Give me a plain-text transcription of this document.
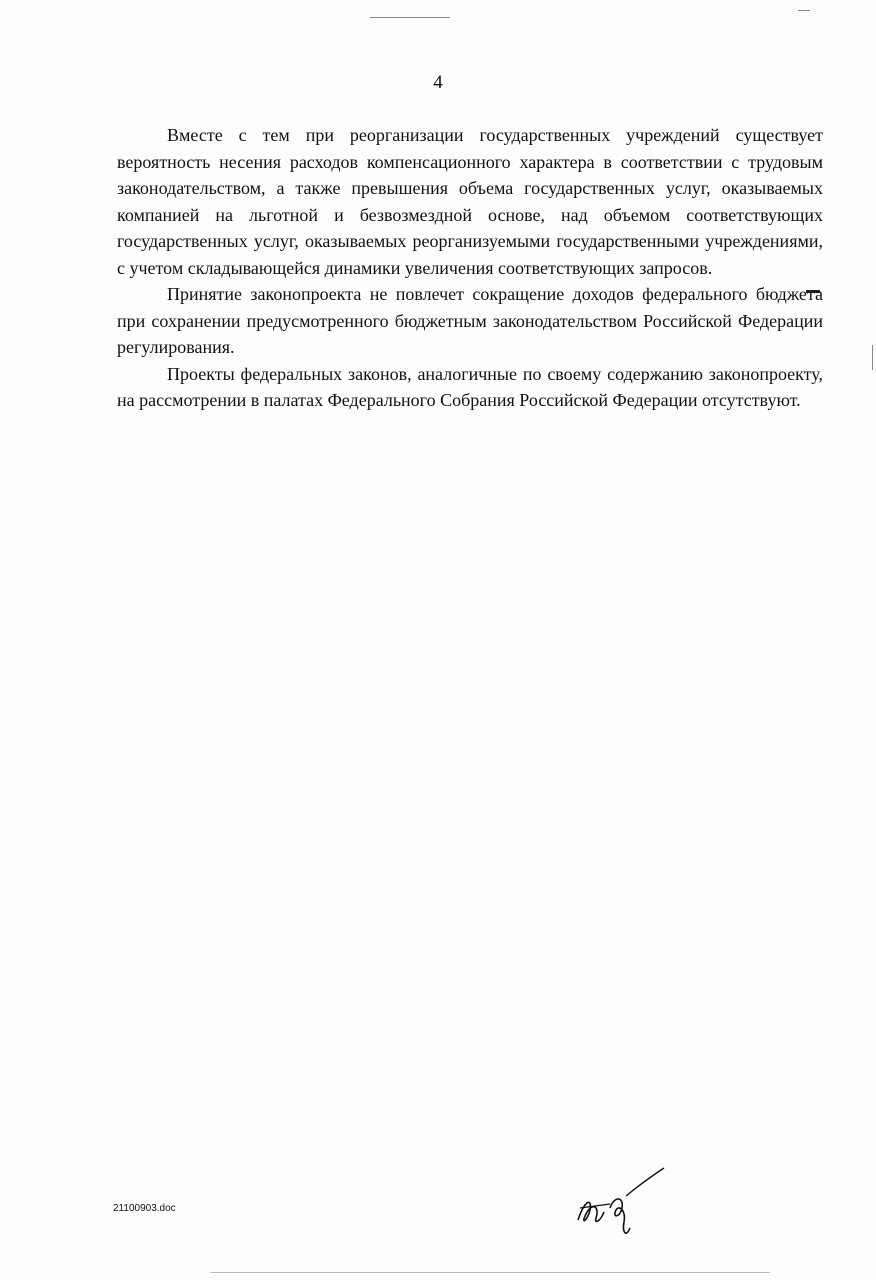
4

Вместе с тем при реорганизации государственных учреждений существует вероятность несения расходов компенсационного характера в соответствии с трудовым законодательством, а также превышения объема государственных услуг, оказываемых компанией на льготной и безвозмездной основе, над объемом соответствующих государственных услуг, оказываемых реорганизуемыми государственными учреждениями, с учетом складывающейся динамики увеличения соответствующих запросов.

Принятие законопроекта не повлечет сокращение доходов федерального бюджета при сохранении предусмотренного бюджетным законодательством Российской Федерации регулирования.

Проекты федеральных законов, аналогичные по своему содержанию законопроекту, на рассмотрении в палатах Федерального Собрания Российской Федерации отсутствуют.

21100903.doc
